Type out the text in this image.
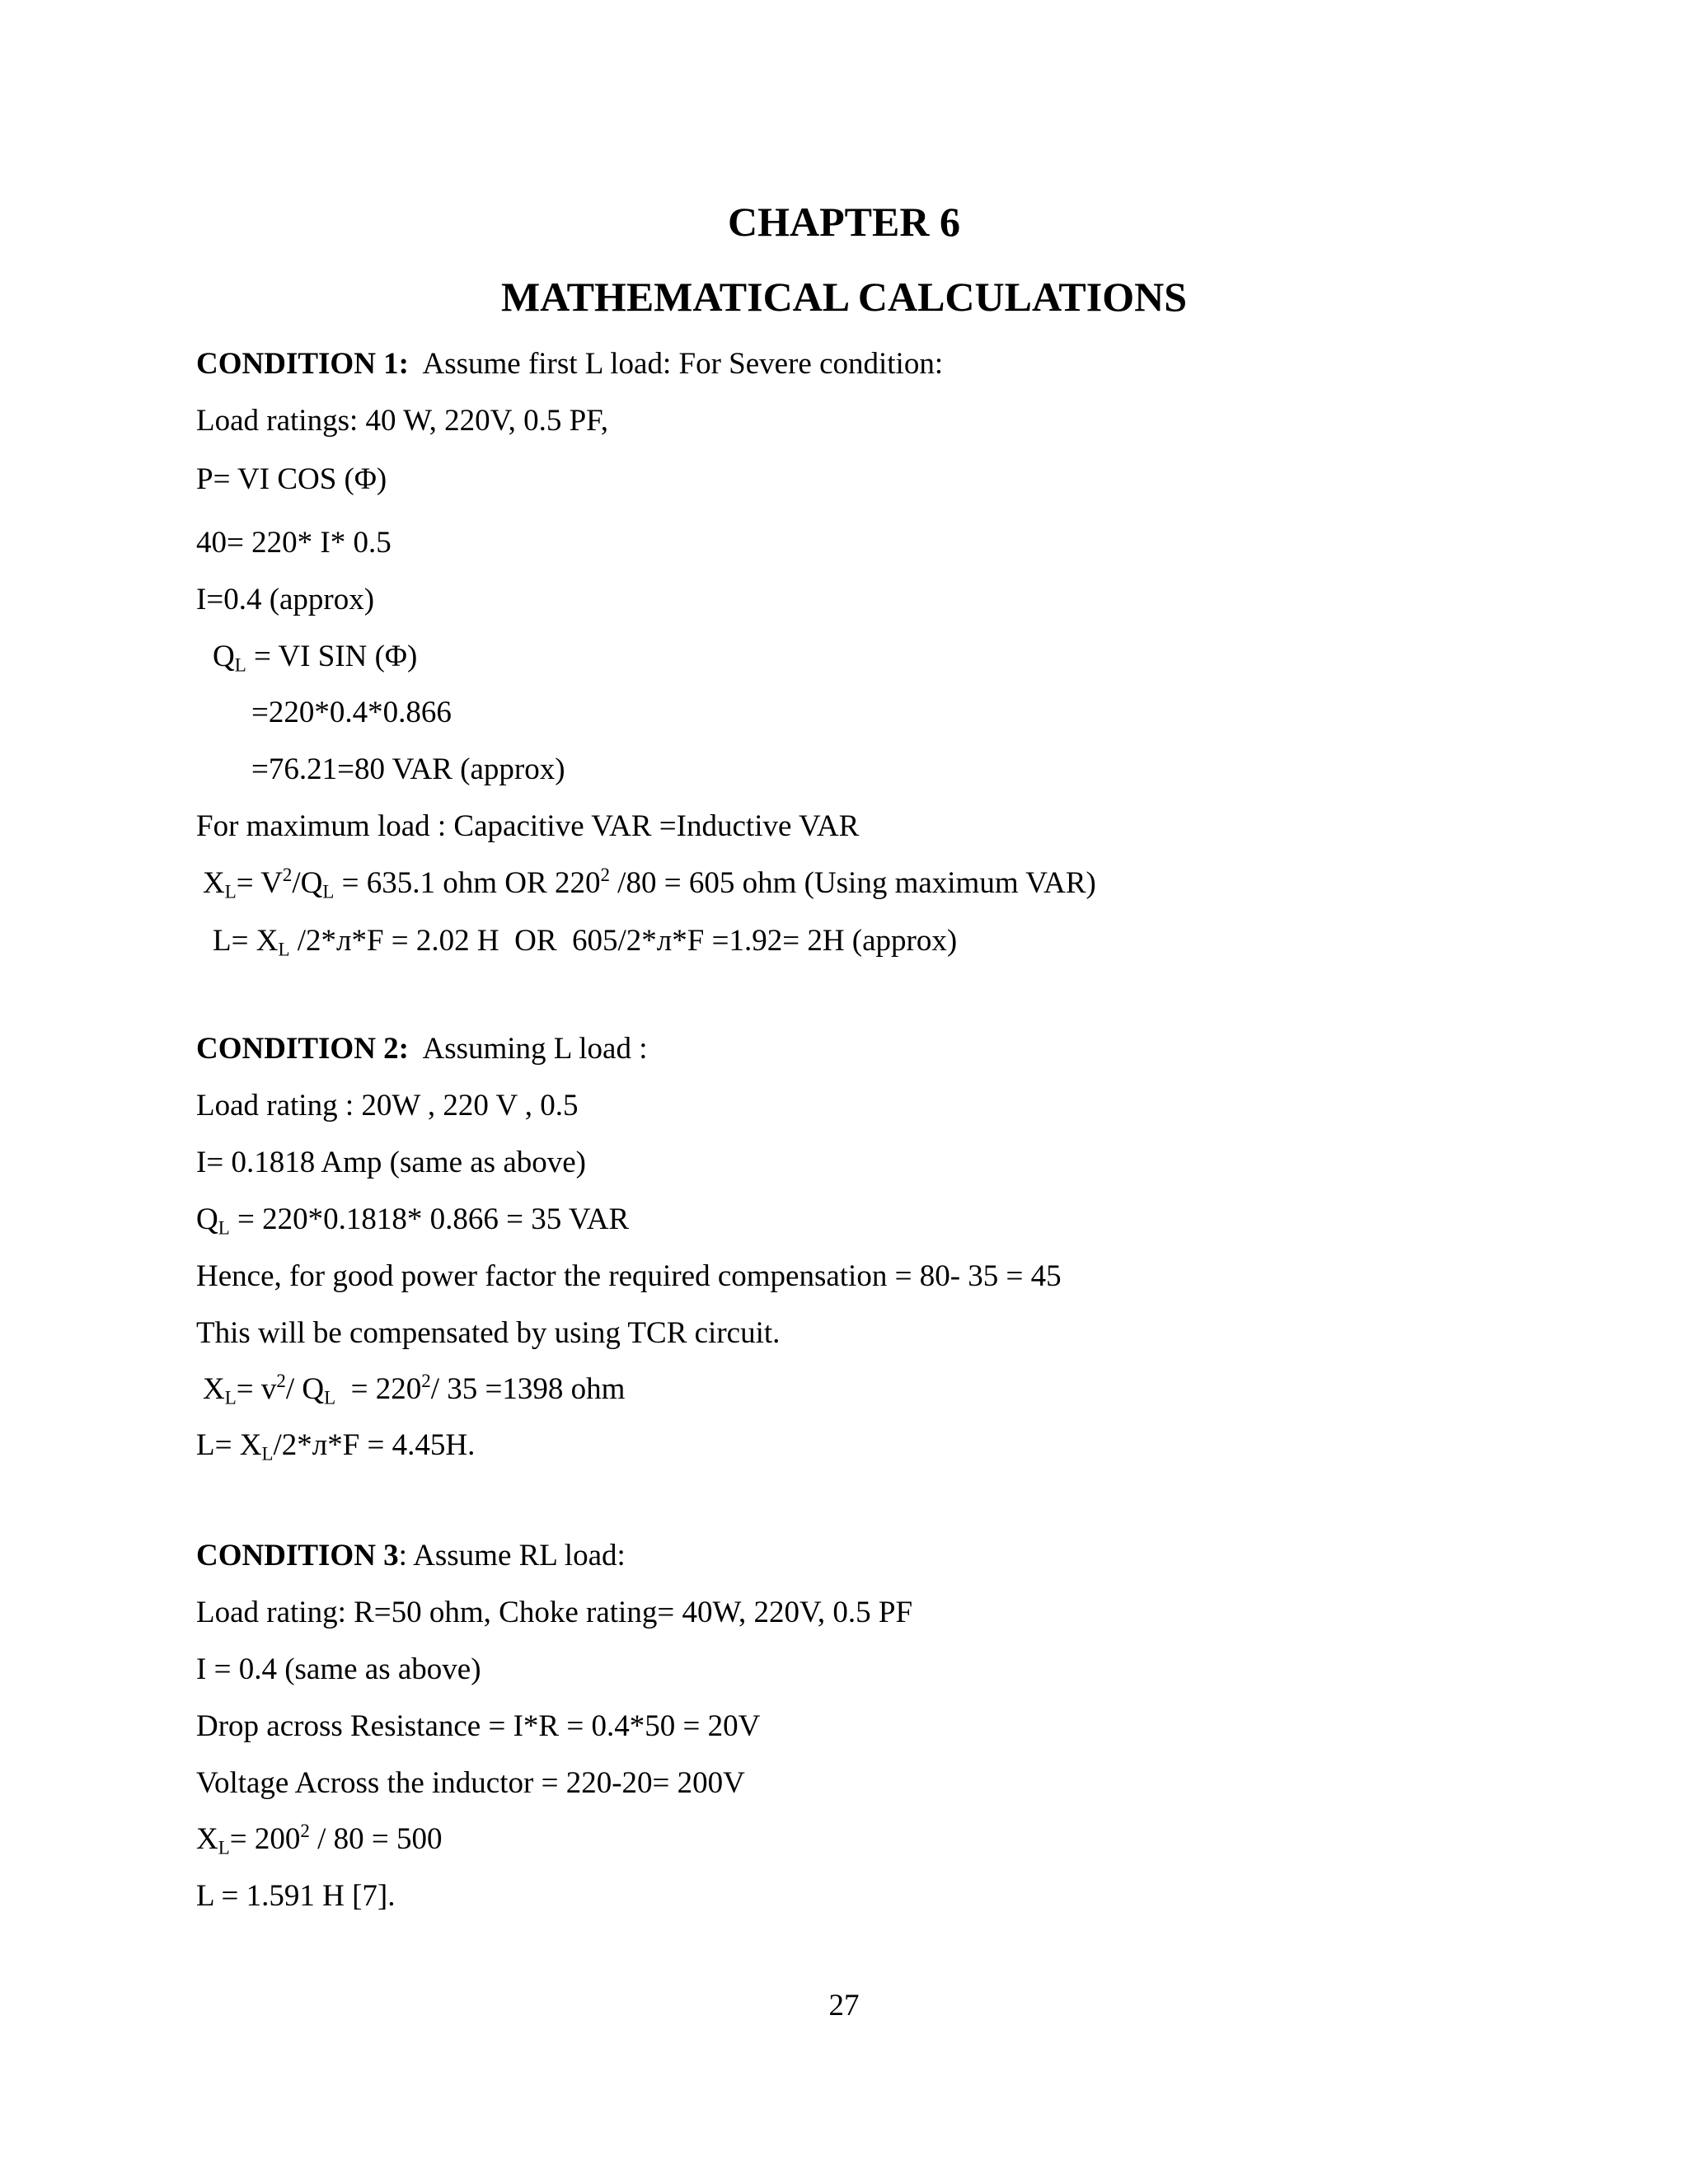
CHAPTER 6
MATHEMATICAL CALCULATIONS

CONDITION 1: Assume first L load: For Severe condition:

Load ratings: 40 W, 220V, 0.5 PF,

P= VI COS (Φ)

40= 220* I* 0.5

I=0.4 (approx)

$Q_L$ = VI SIN (Φ)

=220*0.4*0.866

=76.21=80 VAR (approx)

For maximum load : Capacitive VAR =Inductive VAR

$X_L= V^2/Q_L = 635.1$ ohm OR $220^2$ /80 = 605 ohm (Using maximum VAR)

$L= X_L$ /2*л*F = 2.02 H  OR  605/2*л*F =1.92= 2H (approx)

CONDITION 2: Assuming L load :

Load rating : 20W , 220 V , 0.5

I= 0.1818 Amp (same as above)

$Q_L = 220*0.1818*$ 0.866 = 35 VAR

Hence, for good power factor the required compensation = 80- 35 = 45

This will be compensated by using TCR circuit.

$X_L= v^2/$ $Q_L = 220^2/$ 35 =1398 ohm

$L= X_L/2*л*F = 4.45H$.

CONDITION 3: Assume RL load:

Load rating: R=50 ohm, Choke rating= 40W, 220V, 0.5 PF

I = 0.4 (same as above)

Drop across Resistance = I*R = 0.4*50 = 20V

Voltage Across the inductor = 220-20= 200V

$X_L= 200^2 / 80 = 500$

L = 1.591 H [7].

27
